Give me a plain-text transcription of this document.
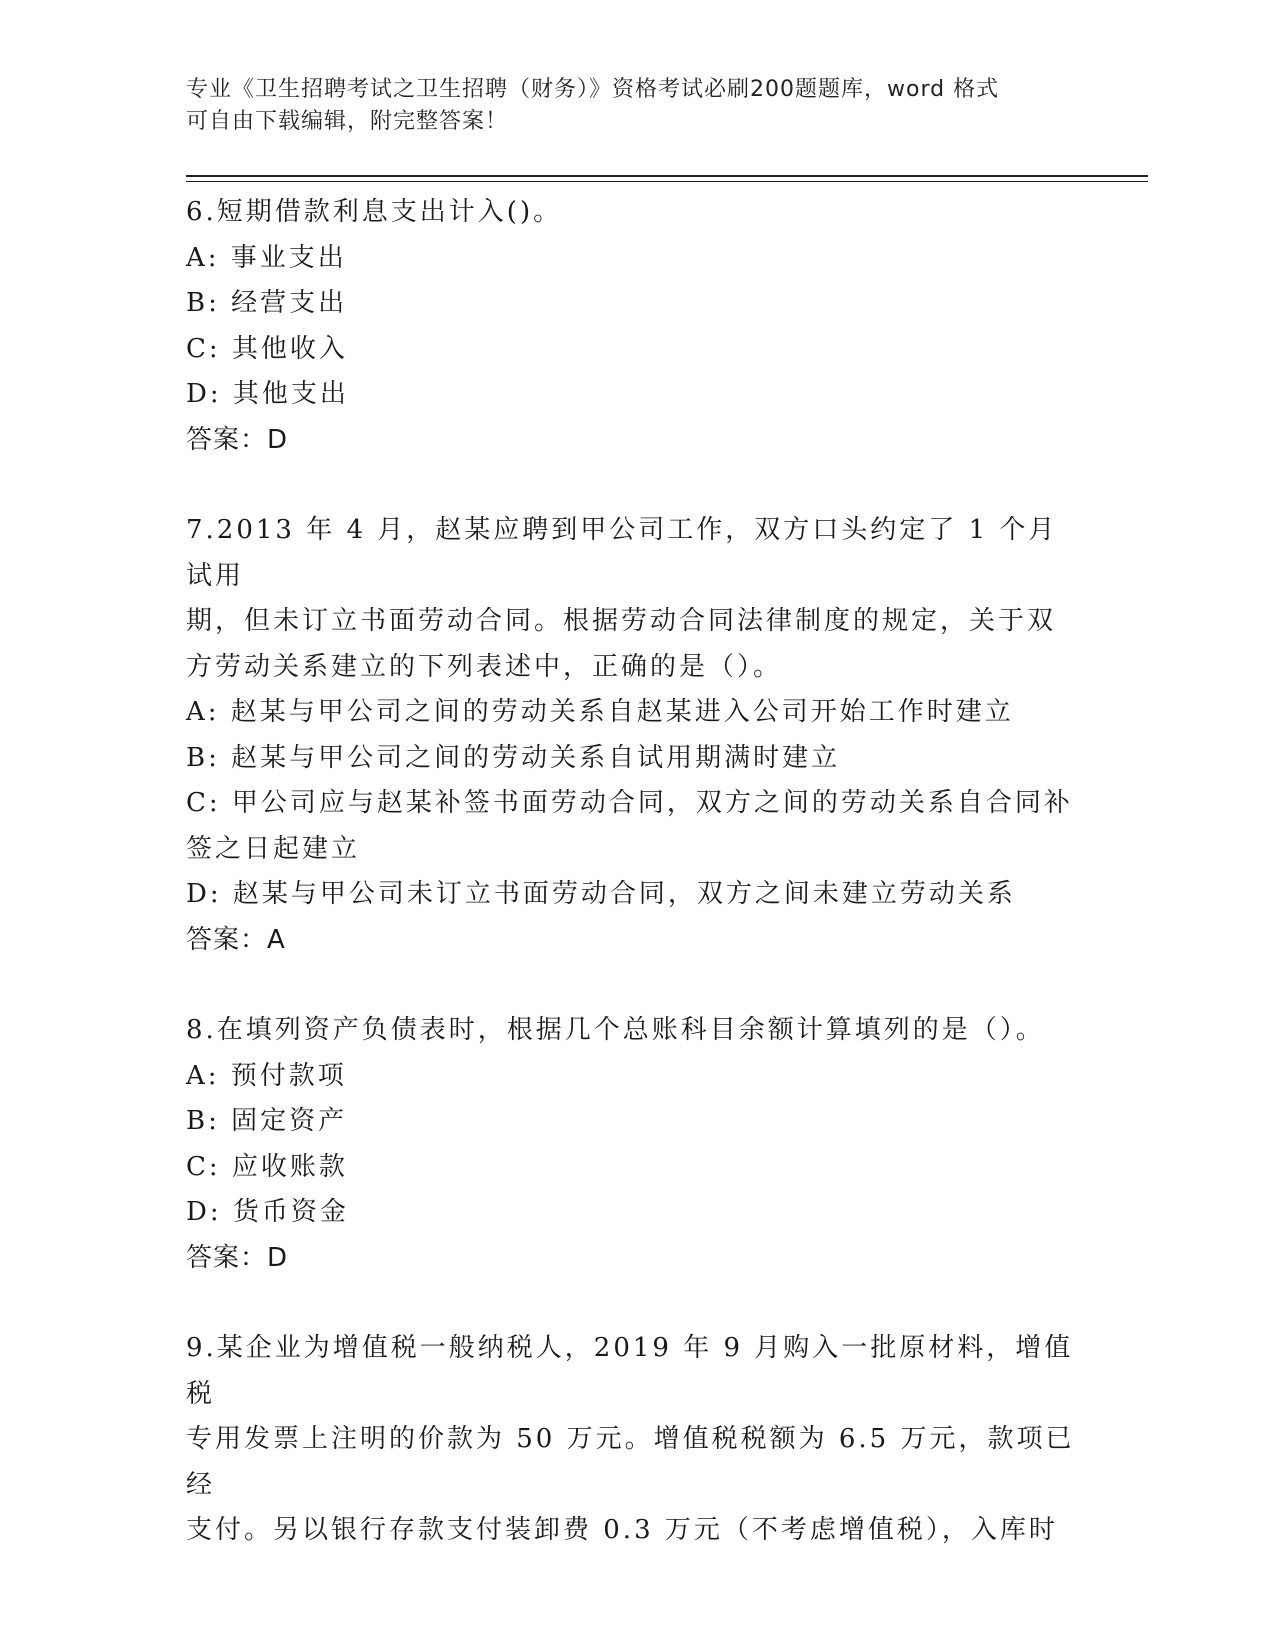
专业《卫生招聘考试之卫生招聘（财务）》资格考试必刷200题题库，word 格式
可自由下载编辑，附完整答案！

6.短期借款利息支出计入()。

A: 事业支出

B: 经营支出

C: 其他收入

D: 其他支出

答案：D

7.2013 年 4 月，赵某应聘到甲公司工作，双方口头约定了 1 个月试用

期，但未订立书面劳动合同。根据劳动合同法律制度的规定，关于双

方劳动关系建立的下列表述中，正确的是（）。

A: 赵某与甲公司之间的劳动关系自赵某进入公司开始工作时建立

B: 赵某与甲公司之间的劳动关系自试用期满时建立

C: 甲公司应与赵某补签书面劳动合同，双方之间的劳动关系自合同补

签之日起建立

D: 赵某与甲公司未订立书面劳动合同，双方之间未建立劳动关系

答案：A

8.在填列资产负债表时，根据几个总账科目余额计算填列的是（）。

A: 预付款项

B: 固定资产

C: 应收账款

D: 货币资金

答案：D

9.某企业为增值税一般纳税人，2019 年 9 月购入一批原材料，增值税

专用发票上注明的价款为 50 万元。增值税税额为 6.5 万元，款项已经

支付。另以银行存款支付装卸费 0.3 万元（不考虑增值税），入库时
